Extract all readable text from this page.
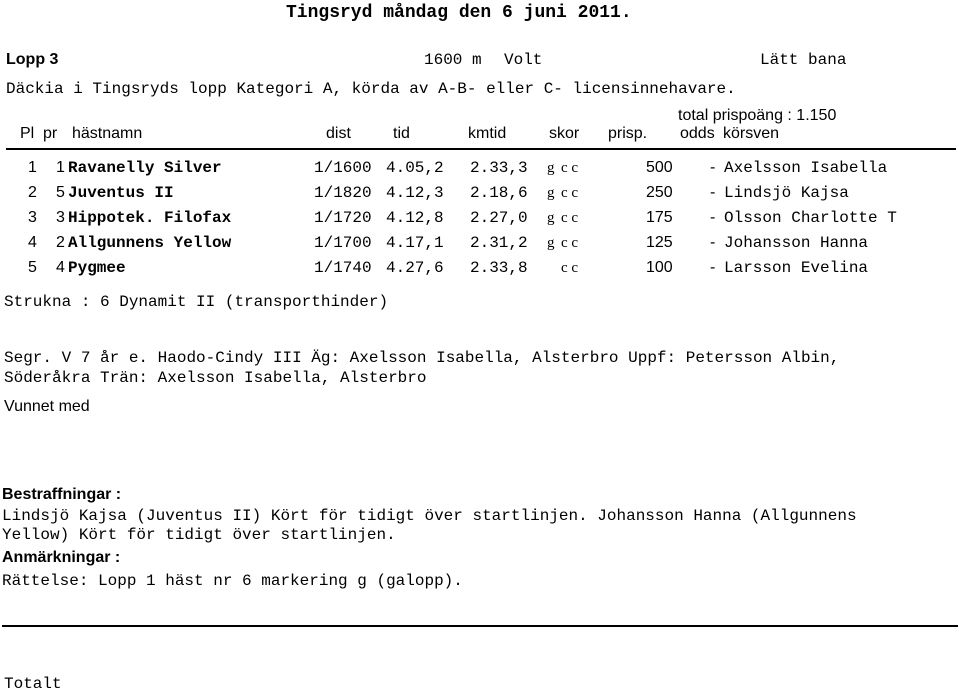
Tingsryd måndag den 6 juni 2011.
Lopp 3	1600 m Volt	Lätt bana
Däckia i Tingsryds lopp Kategori A, körda av A-B- eller C- licensinnehavare.
total prispoäng : 1.150
Pl pr hästnamn	dist	tid	kmtid	skor prisp. odds körsven
1 1 Ravanelly Silver	1/1600 4.05,2 2.33,3 g c c	500 - Axelsson Isabella
2 5 Juventus II	1/1820 4.12,3 2.18,6 g c c	250 - Lindsjö Kajsa
3 3 Hippotek. Filofax	1/1720 4.12,8 2.27,0 g c c	175 - Olsson Charlotte T
4 2 Allgunnens Yellow	1/1700 4.17,1 2.31,2 g c c	125 - Johansson Hanna
5 4 Pygmee	1/1740 4.27,6 2.33,8 c c	100 - Larsson Evelina
Strukna : 6 Dynamit II (transporthinder)
Segr. V 7 år e. Haodo-Cindy III Äg: Axelsson Isabella, Alsterbro Uppf: Petersson Albin,
Söderåkra Trän: Axelsson Isabella, Alsterbro
Vunnet med
Bestraffningar :
Lindsjö Kajsa (Juventus II) Kört för tidigt över startlinjen. Johansson Hanna (Allgunnens
Yellow) Kört för tidigt över startlinjen.
Anmärkningar :
Rättelse: Lopp 1 häst nr 6 markering g (galopp).
Totalt
